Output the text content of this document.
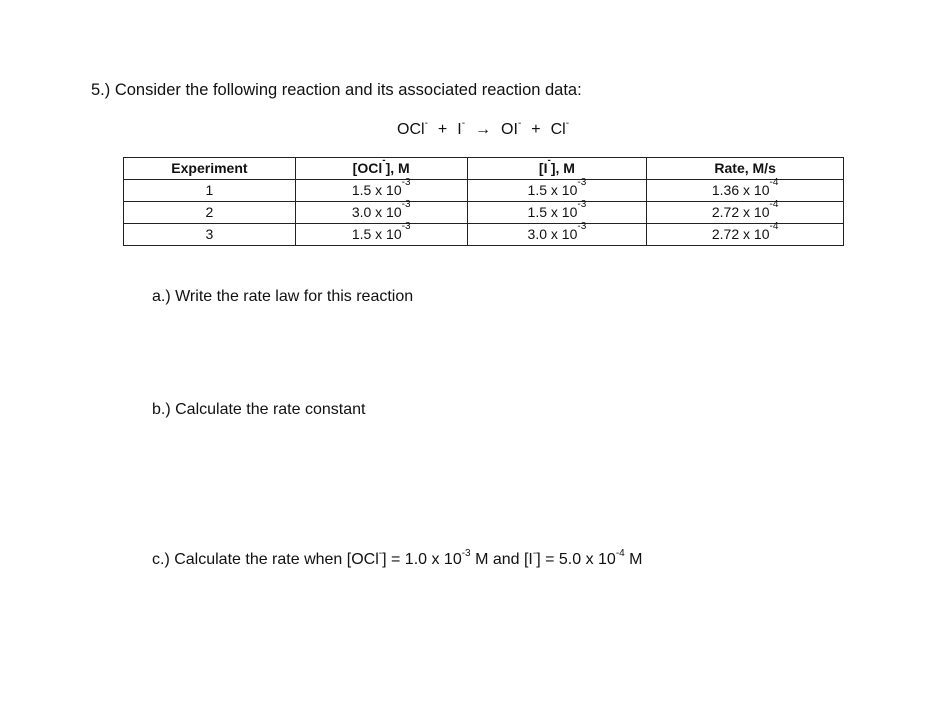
5.) Consider the following reaction and its associated reaction data:
OCl- + I- → OI- + Cl-
Experiment	[OCl-], M	[I-], M	Rate, M/s
1	1.5 x $10^{-3}$	1.5 x $10^{-3}$	1.36 x $10^{-4}$
2	3.0 x $10^{-3}$	1.5 x $10^{-3}$	2.72 x $10^{-4}$
3	1.5 x $10^{-3}$	3.0 x $10^{-3}$	2.72 x $10^{-4}$
a.) Write the rate law for this reaction
b.) Calculate the rate constant
c.) Calculate the rate when [OCl-] = 1.0 x $10^{-3}$ M and [I-] = 5.0 x $10^{-4}$ M
